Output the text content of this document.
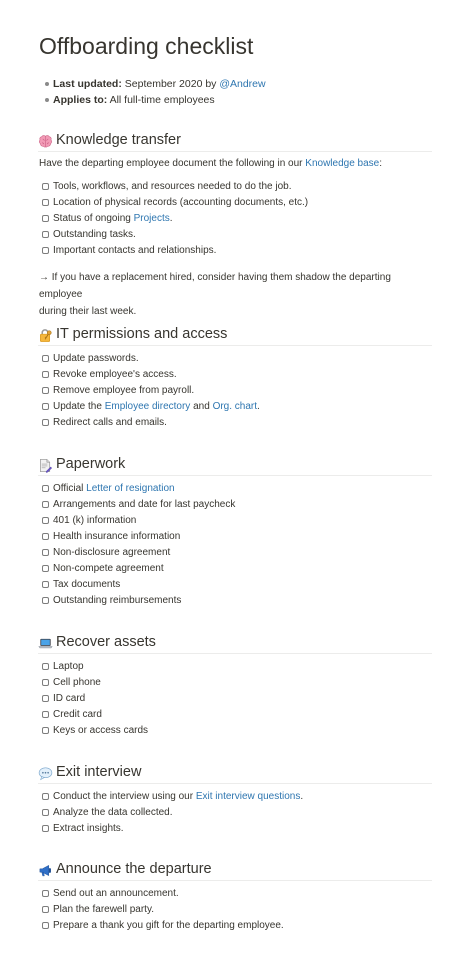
Offboarding checklist
Last updated: September 2020 by @Andrew
Applies to: All full-time employees
Knowledge transfer
Have the departing employee document the following in our Knowledge base:
Tools, workflows, and resources needed to do the job.
Location of physical records (accounting documents, etc.)
Status of ongoing Projects.
Outstanding tasks.
Important contacts and relationships.
→ If you have a replacement hired, consider having them shadow the departing employee
during their last week.
IT permissions and access
Update passwords.
Revoke employee's access.
Remove employee from payroll.
Update the Employee directory and Org. chart.
Redirect calls and emails.
Paperwork
Official Letter of resignation
Arrangements and date for last paycheck
401 (k) information
Health insurance information
Non-disclosure agreement
Non-compete agreement
Tax documents
Outstanding reimbursements
Recover assets
Laptop
Cell phone
ID card
Credit card
Keys or access cards
Exit interview
Conduct the interview using our Exit interview questions.
Analyze the data collected.
Extract insights.
Announce the departure
Send out an announcement.
Plan the farewell party.
Prepare a thank you gift for the departing employee.
